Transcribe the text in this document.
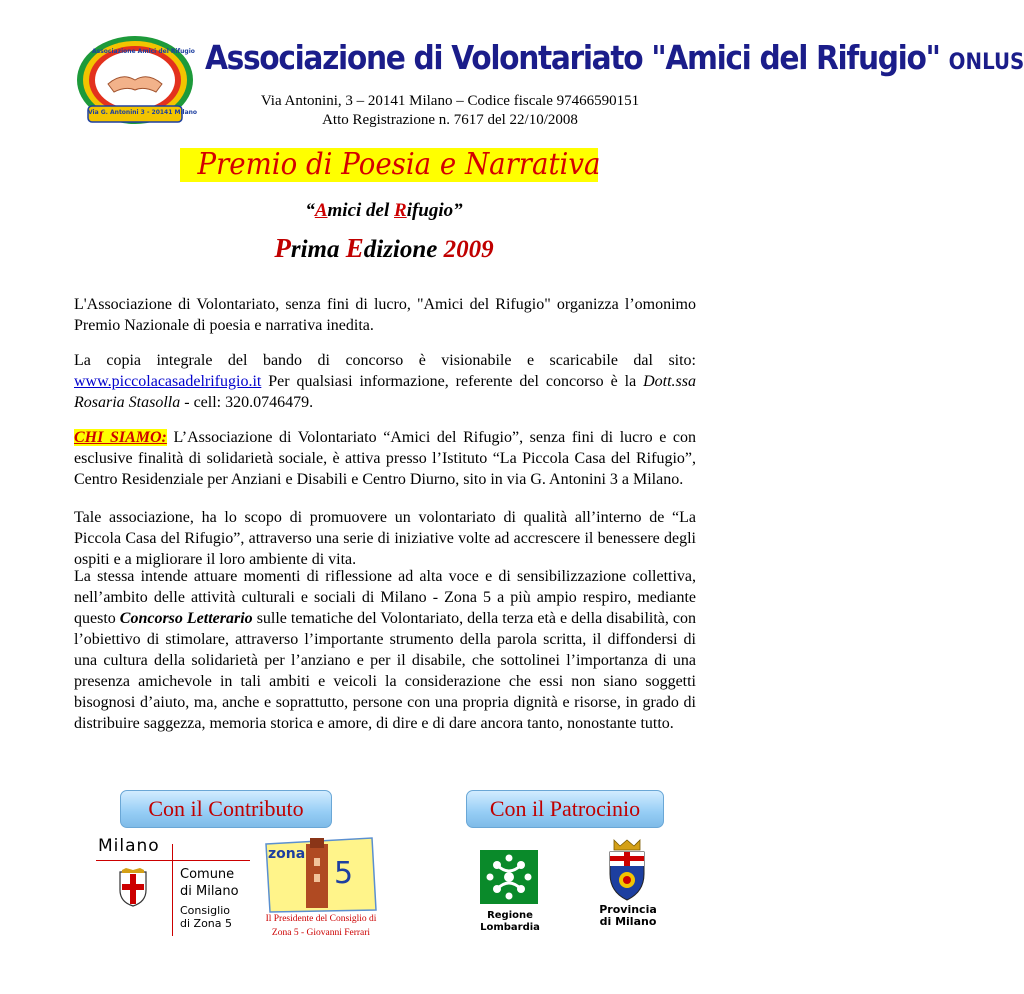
Via G. Antonini 3 - 20141 Milano
Associazione Amici del Rifugio Associazione di Volontariato "Amici del Rifugio" ONLUS
Via Antonini, 3 – 20141 Milano – Codice fiscale 97466590151
Atto Registrazione n. 7617 del 22/10/2008
Premio di Poesia e Narrativa
“Amici del Rifugio”
Prima Edizione 2009
L'Associazione di Volontariato, senza fini di lucro, "Amici del Rifugio" organizza l’omonimo Premio Nazionale di poesia e narrativa inedita.
La copia integrale del bando di concorso è visionabile e scaricabile dal sito: www.piccolacasadelrifugio.it Per qualsiasi informazione, referente del concorso è la Dott.ssa Rosaria Stasolla - cell: 320.0746479.
CHI SIAMO: L’Associazione di Volontariato “Amici del Rifugio”, senza fini di lucro e con esclusive finalità di solidarietà sociale, è attiva presso l’Istituto “La Piccola Casa del Rifugio”, Centro Residenziale per Anziani e Disabili e Centro Diurno, sito in via G. Antonini 3 a Milano.
Tale associazione, ha lo scopo di promuovere un volontariato di qualità all’interno de “La Piccola Casa del Rifugio”, attraverso una serie di iniziative volte ad accrescere il benessere degli ospiti e a migliorare il loro ambiente di vita.
La stessa intende attuare momenti di riflessione ad alta voce e di sensibilizzazione collettiva, nell’ambito delle attività culturali e sociali di Milano - Zona 5 a più ampio respiro, mediante questo Concorso Letterario sulle tematiche del Volontariato, della terza età e della disabilità, con l’obiettivo di stimolare, attraverso l’importante strumento della parola scritta, il diffondersi di una cultura della solidarietà per l’anziano e per il disabile, che sottolinei l’importanza di una presenza amichevole in tali ambiti e veicoli la considerazione che essi non siano soggetti bisognosi d’aiuto, ma, anche e soprattutto, persone con una propria dignità e risorse, in grado di distribuire saggezza, memoria storica e amore, di dire e di dare ancora tanto, nonostante tutto.
Con il Contributo	Con il Patrocinio
Milano
Comune
di Milano
Consiglio
di Zona 5
zona
5
Il Presidente del Consiglio di
Zona 5 - Giovanni Ferrari
Regione
Lombardia
Provincia
di Milano
